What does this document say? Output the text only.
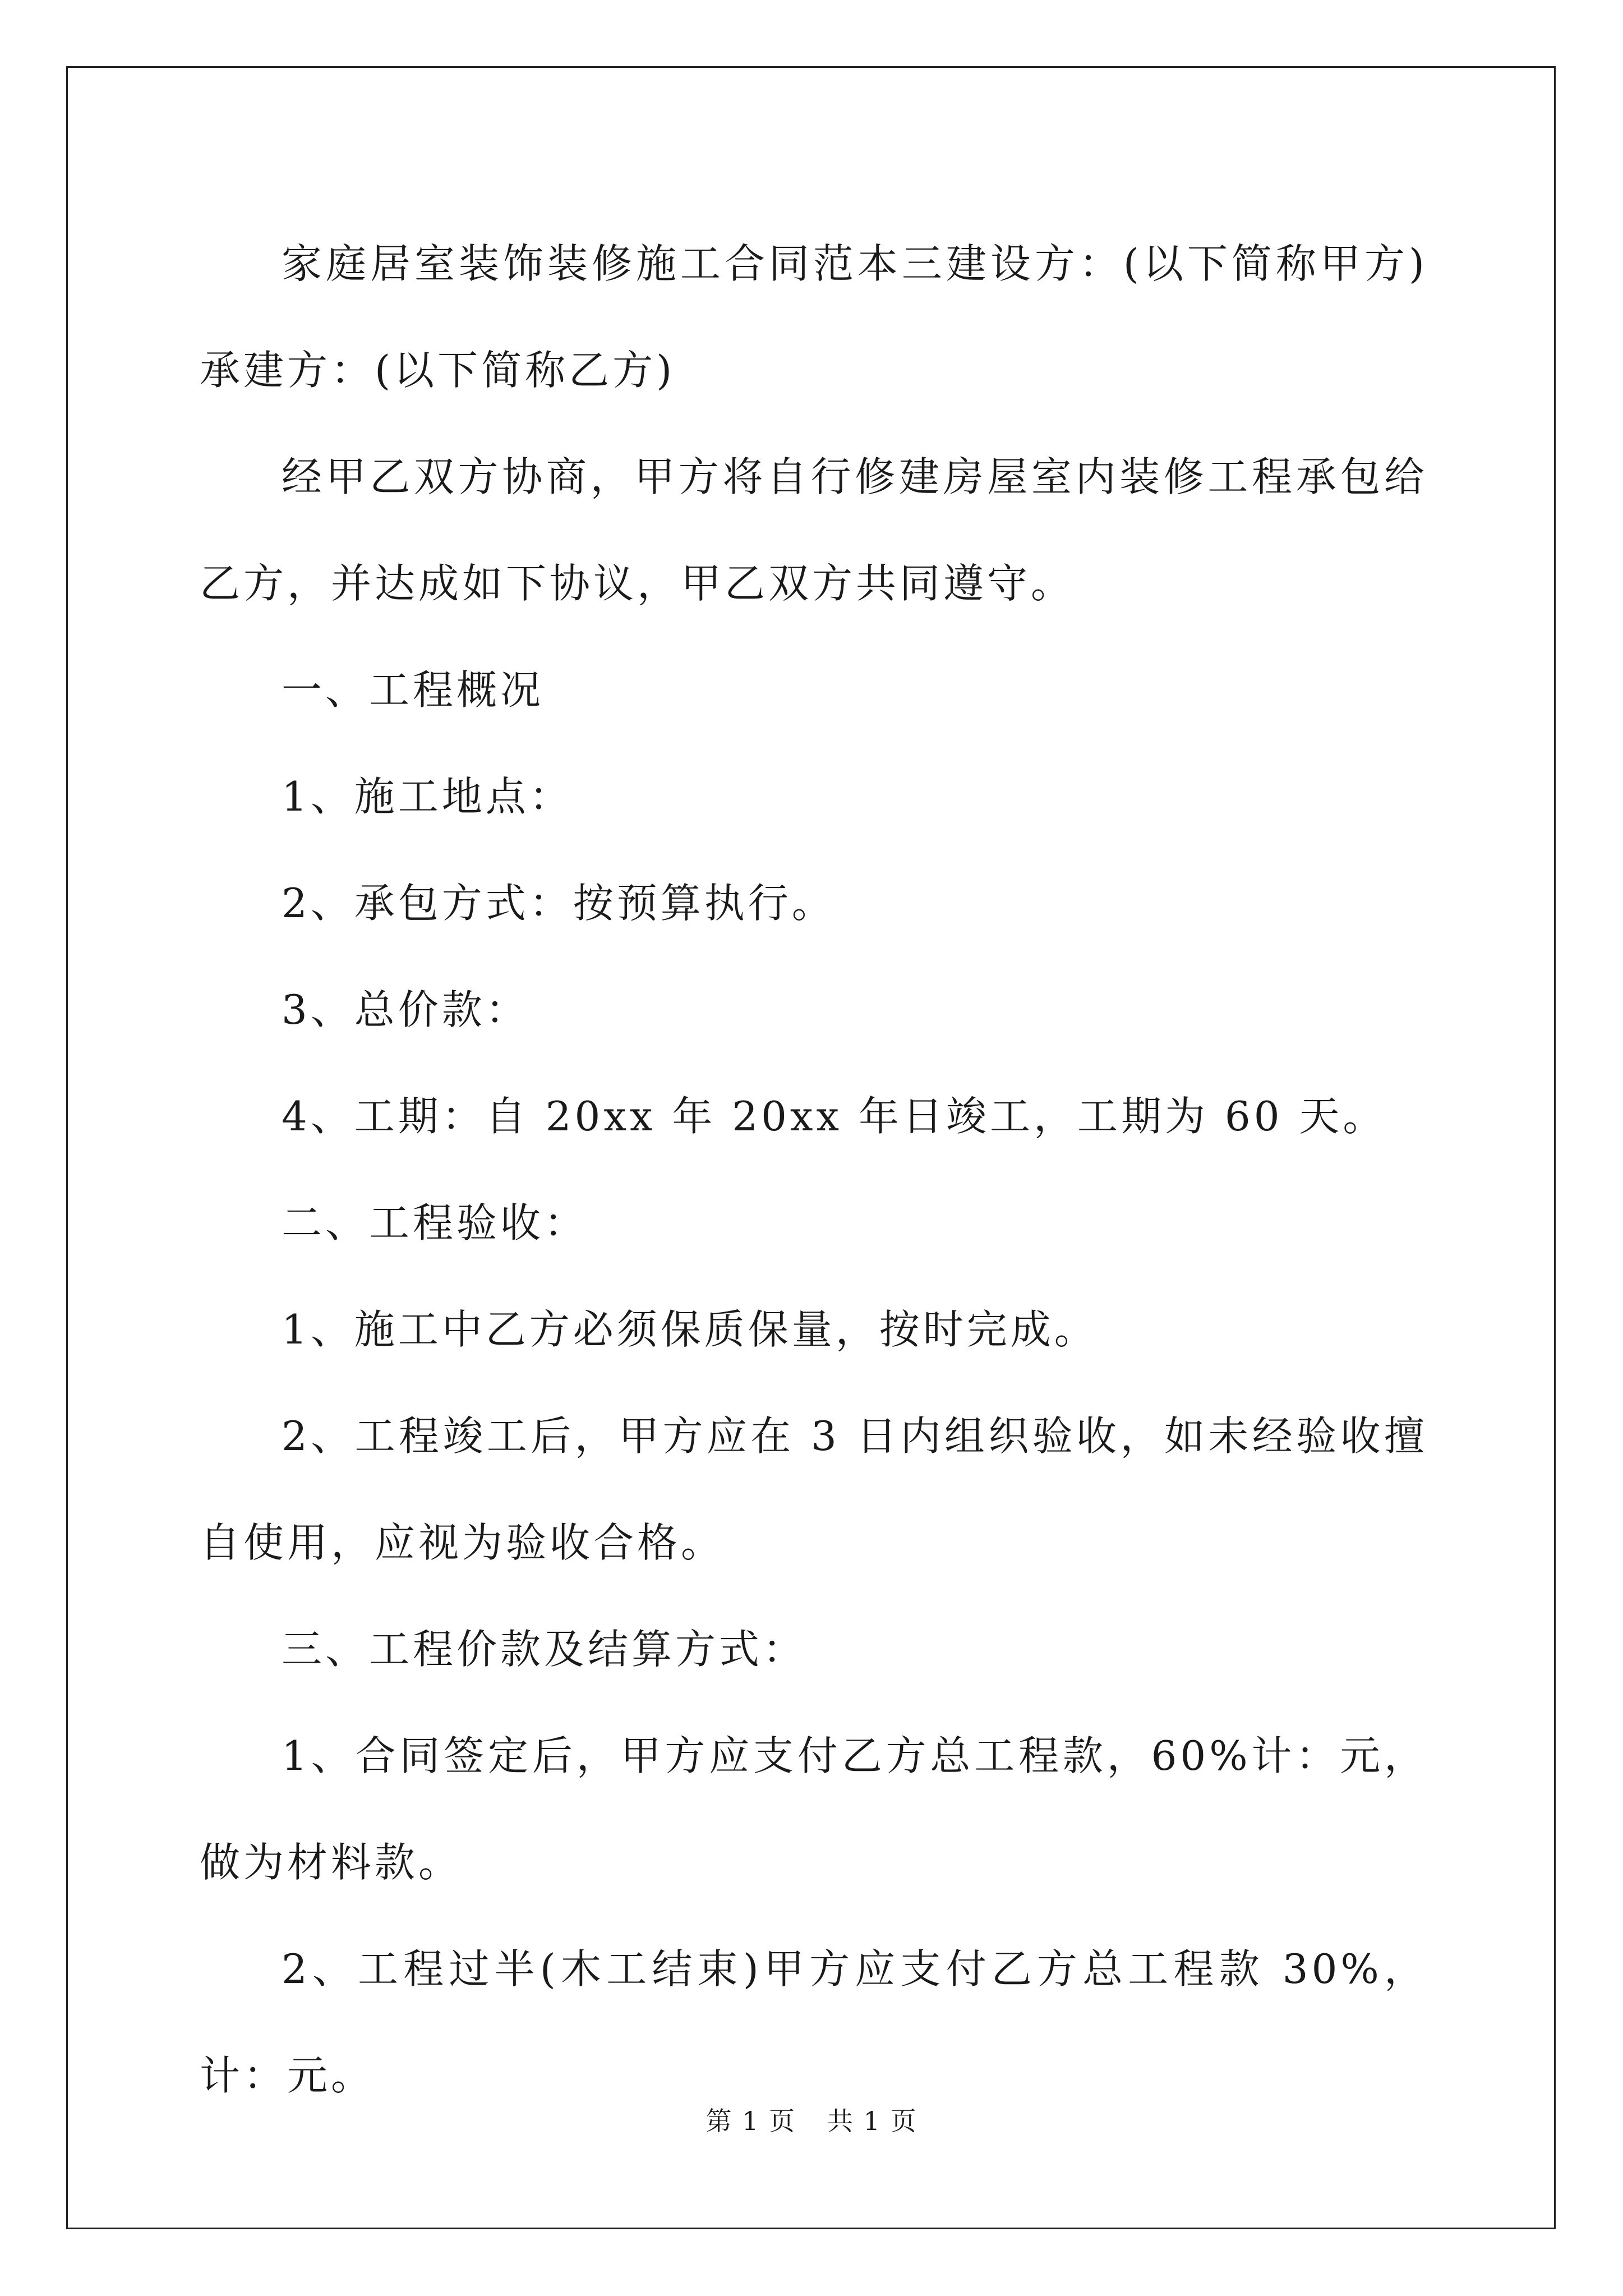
家庭居室装饰装修施工合同范本三建设方：(以下简称甲方)承建方：(以下简称乙方)

经甲乙双方协商，甲方将自行修建房屋室内装修工程承包给乙方，并达成如下协议，甲乙双方共同遵守。

一、工程概况

1、施工地点：

2、承包方式：按预算执行。

3、总价款：

4、工期：自 20xx 年 20xx 年日竣工，工期为 60 天。

二、工程验收：

1、施工中乙方必须保质保量，按时完成。

2、工程竣工后，甲方应在 3 日内组织验收，如未经验收擅自使用，应视为验收合格。

三、工程价款及结算方式：

1、合同签定后，甲方应支付乙方总工程款，60%计：元，做为材料款。

2、工程过半(木工结束)甲方应支付乙方总工程款 30%，计：元。

第 1 页 共 1 页
